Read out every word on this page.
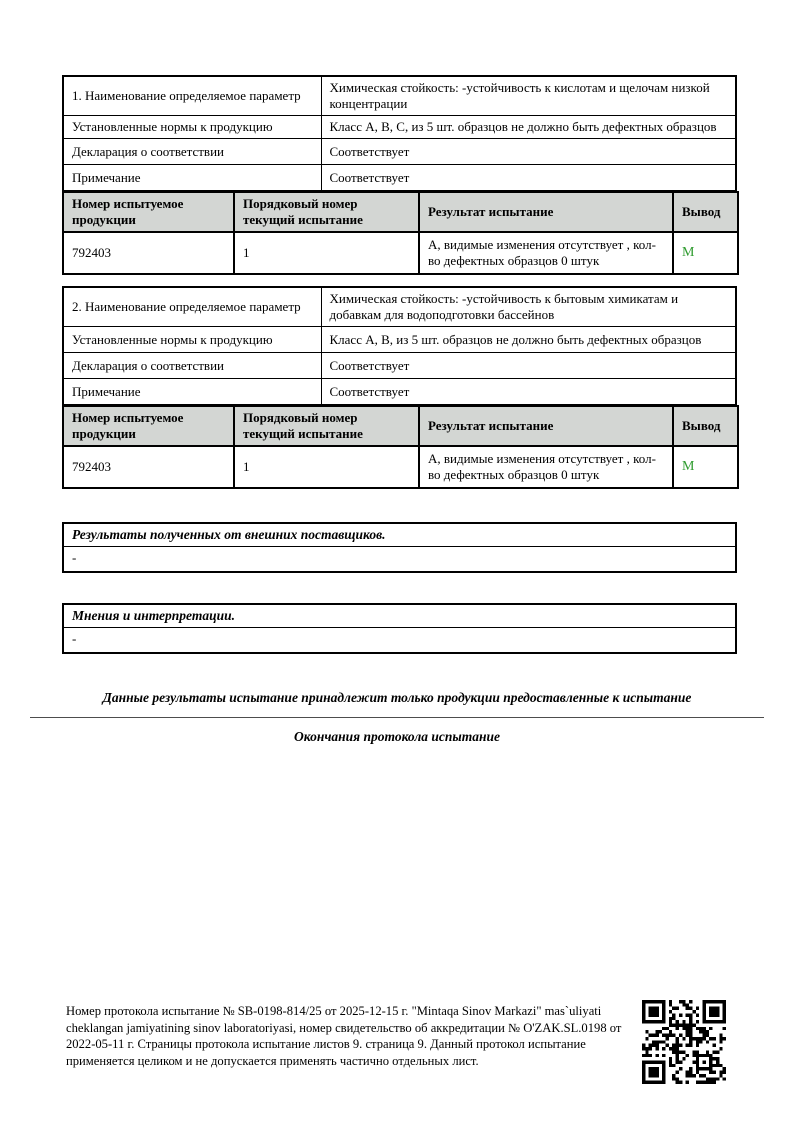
1. Наименование определяемое параметр	Химическая стойкость: -устойчивость к кислотам и щелочам низкой концентрации
Установленные нормы к продукцию	Класс А, В, С, из 5 шт. образцов не должно быть дефектных образцов
Декларация о соответствии	Соответствует
Примечание	Соответствует
Номер испытуемое продукции	Порядковый номер текущий испытание	Результат испытание	Вывод
792403	1	А, видимые изменения отсутствует , кол-во дефектных образцов 0 штук	М
2. Наименование определяемое параметр	Химическая стойкость: -устойчивость к бытовым химикатам и добавкам для водоподготовки бассейнов
Установленные нормы к продукцию	Класс А, В, из 5 шт. образцов не должно быть дефектных образцов
Декларация о соответствии	Соответствует
Примечание	Соответствует
Номер испытуемое продукции	Порядковый номер текущий испытание	Результат испытание	Вывод
792403	1	А, видимые изменения отсутствует , кол-во дефектных образцов 0 штук	М
Результаты полученных от внешних поставщиков.
-
Мнения и интерпретации.
-
Данные результаты испытание принадлежит только продукции предоставленные к испытание
Окончания протокола испытание
Номер протокола испытание № SB-0198-814/25 от 2025-12-15 г. "Mintaqa Sinov Markazi" mas`uliyati cheklangan jamiyatining sinov laboratoriyasi, номер свидетельство об аккредитации № O'ZAK.SL.0198 от 2022-05-11 г. Страницы протокола испытание листов 9. страница 9. Данный протокол испытание применяется целиком и не допускается применять частично отдельных лист.
